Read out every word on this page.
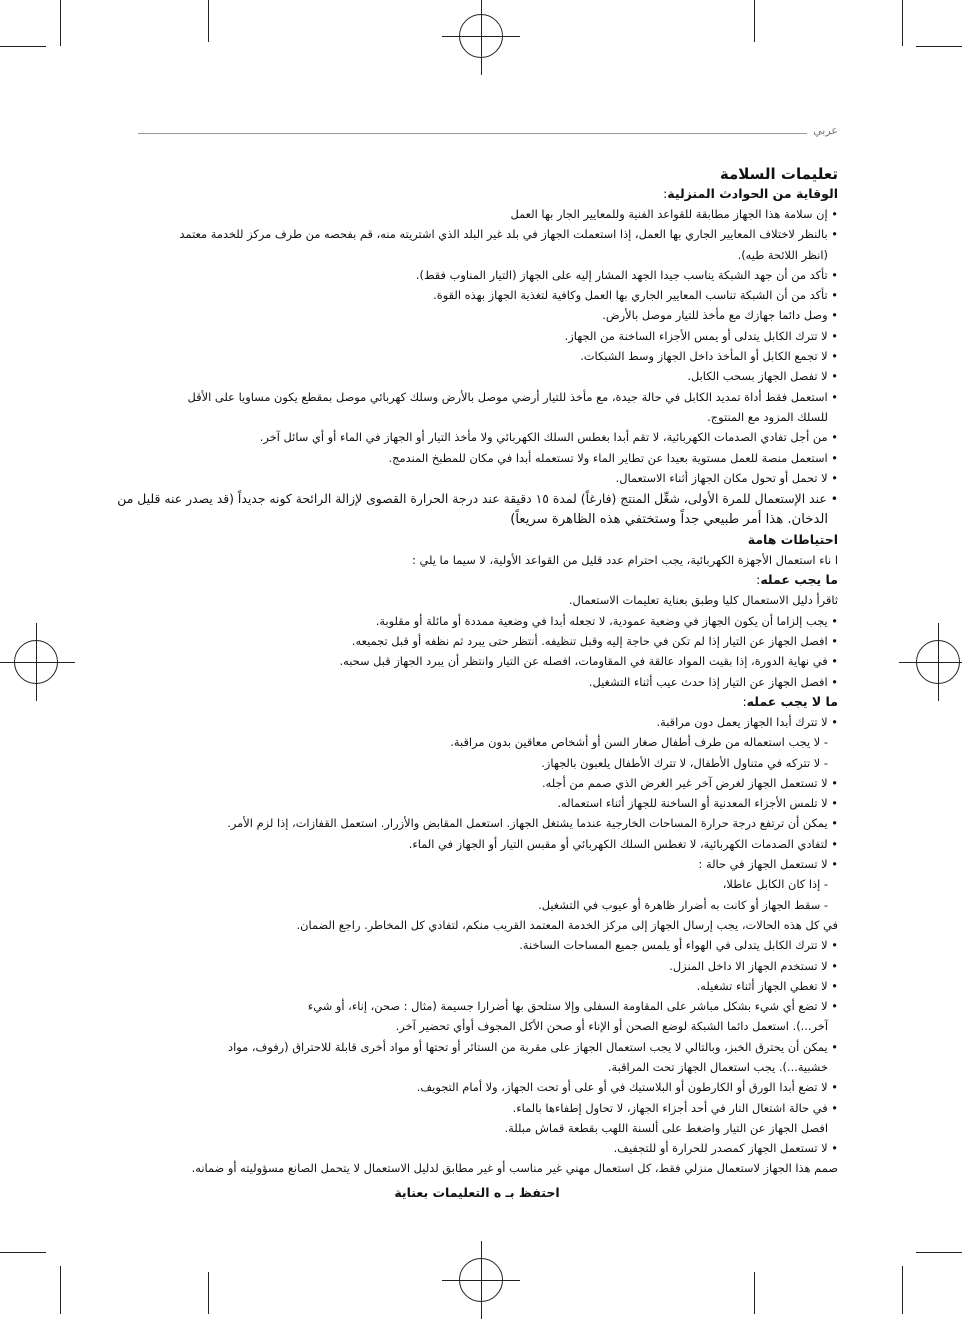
عربي

تعليمات السلامة

الوقاية من الحوادث المنزلية:

• إن سلامة هذا الجهاز مطابقة للقواعد الفنية وللمعايير الجار بها العمل

• بالنظر لاختلاف المعايير الجاري بها العمل، إذا استعملت الجهاز في بلد غير البلد الذي اشتريته منه، قم بفحصه من طرف مركز للخدمة معتمد

(انظر اللائحة طيه).

• تأكد من أن جهد الشبكة يناسب جيدا الجهد المشار إليه على الجهاز (التيار المناوب فقط).

• تأكد من أن الشبكة تناسب المعايير الجاري بها العمل وكافية لتغذية الجهاز بهذه القوة.

• وصل دائما جهازك مع مأخذ للتيار موصل بالأرض.

• لا تترك الكابل يتدلى أو يمس الأجزاء الساخنة من الجهاز.

• لا تجمع الكابل أو المأخذ داخل الجهاز وسط الشبكات.

• لا تفصل الجهاز بسحب الكابل.

• استعمل فقط أداة تمديد الكابل في حالة جيدة، مع مأخذ للتيار أرضي موصل بالأرض وسلك كهربائي موصل بمقطع يكون مساويا على الأقل

للسلك المزود مع المنتوج.

• من أجل تفادي الصدمات الكهربائية، لا تقم أبدا بغطس السلك الكهربائي ولا مأخذ التيار أو الجهاز في الماء أو أي سائل آخر.

• استعمل منصة للعمل مستوية بعيدا عن تطاير الماء ولا تستعمله أبدا في مكان للمطبخ المندمج.

• لا تحمل أو تحول مكان الجهاز أثناء الاستعمال.

• عند الإستعمال للمرة الأولى، شغِّل المنتج (فارغاً) لمدة ١٥ دقيقة عند درجة الحرارة القصوى لإزالة الرائحة كونه جديداً (قد يصدر عنه قليل من

الدخان. هذا أمر طبيعي جداً وستختفي هذه الظاهرة سريعاً)

احتياطات هامة

ا ناء استعمال الأجهزة الكهربائية، يجب احترام عدد قليل من القواعد الأولية، لا سيما ما يلي :

ما يجب عمله:

ثاقرأ دليل الاستعمال كليا وطبق بعناية تعليمات الاستعمال.

• يجب إلزاما أن يكون الجهاز في وضعية عمودية، لا تجعله أبدا في وضعية ممددة أو مائلة أو مقلوبة.

• افصل الجهاز عن التيار إذا لم تكن في حاجة إليه وقبل تنظيفه. أنتظر حتى يبرد ثم نظفه أو قبل تجميعه.

• في نهاية الدورة، إذا بقيت المواد عالقة في المقاومات، افصله عن التيار وانتظر أن يبرد الجهاز قبل سحبه.

• افصل الجهاز عن التيار إذا حدث عيب أثناء التشغيل.

ما لا يجب عمله:

• لا تترك أبدا الجهاز يعمل دون مراقبة.

- لا يجب استعماله من طرف أطفال صغار السن أو أشخاص معاقين بدون مراقبة.

- لا تتركه في متناول الأطفال، لا تترك الأطفال يلعبون بالجهاز.

• لا تستعمل الجهاز لغرض آخر غير الغرض الذي صمم من أجله.

• لا تلمس الأجزاء المعدنية أو الساخنة للجهاز أثناء استعماله.

• يمكن أن ترتفع درجة حرارة المساحات الخارجية عندما يشتغل الجهاز. استعمل المقابض والأزرار. استعمل القفازات، إذا لزم الأمر.

• لتفادي الصدمات الكهربائية، لا تغطس السلك الكهربائي أو مقبس التيار أو الجهاز في الماء.

• لا تستعمل الجهاز في حالة :

- إذا كان الكابل عاطلا،

- سقط الجهاز أو كانت به أضرار ظاهرة أو عيوب في التشغيل.

في كل هذه الحالات، يجب إرسال الجهاز إلى مركز الخدمة المعتمد القريب منكم، لتفادي كل المخاطر. راجع الضمان.

• لا تترك الكابل يتدلى في الهواء أو يلمس جميع المساحات الساخنة.

• لا تستخدم الجهاز الا داخل المنزل.

• لا تغطي الجهاز أثناء تشغيله.

• لا تضع أي شيء بشكل مباشر على المقاومة السفلى وإلا ستلحق بها أضرارا جسيمة (مثال : صحن، إناء، أو شيء

آخر...). استعمل دائما الشبكة لوضع الصحن أو الإناء أو صحن الأكل المجوف أوأي تحضير آخر.

• يمكن أن يحترق الخبز، وبالتالي لا يجب استعمال الجهاز على مقربة من الستائر أو تحتها أو مواد أخرى قابلة للاحتراق (رفوف، مواد

خشبية...). يجب استعمال الجهاز تحت المراقبة.

• لا تضع أبدا الورق أو الكارطون أو البلاستيك في أو على أو تحت الجهاز، ولا أمام التجويف.

• في حالة اشتعال النار في أحد أجزاء الجهاز، لا تحاول إطفاءها بالماء.

افصل الجهاز عن التيار واضغط على ألسنة اللهب بقطعة قماش مبللة.

• لا تستعمل الجهاز كمصدر للحرارة أو للتجفيف.

صمم هذا الجهاز لاستعمال منزلي فقط، كل استعمال مهني غير مناسب أو غير مطابق لدليل الاستعمال لا يتحمل الصانع مسؤوليته أو ضمانه.

احتفظ بـ ه التعليمات بعناية
